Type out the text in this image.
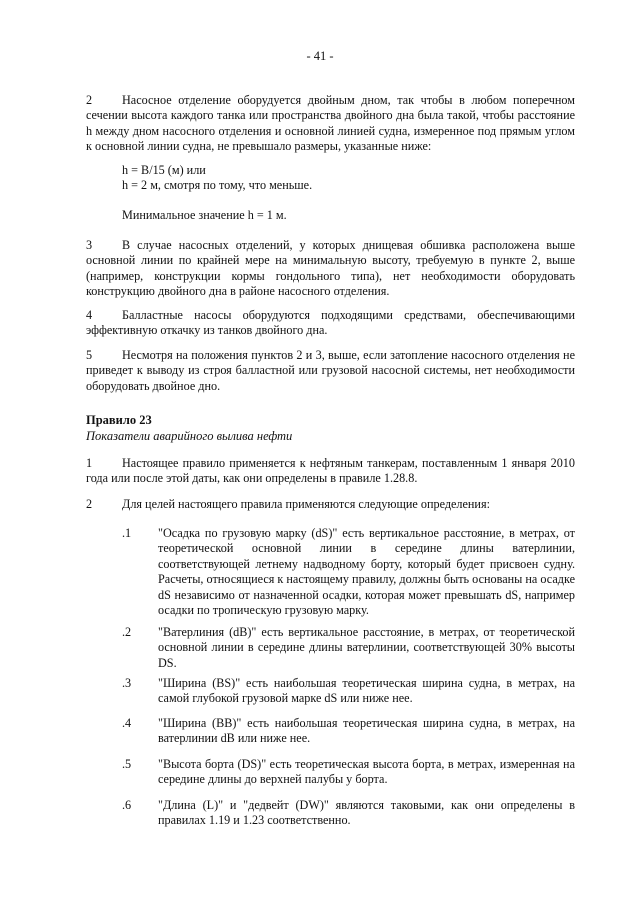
- 41 -
2	Насосное отделение оборудуется двойным дном, так чтобы в любом поперечном сечении высота каждого танка или пространства двойного дна была такой, чтобы расстояние h между дном насосного отделения и основной линией судна, измеренное под прямым углом к основной линии судна, не превышало размеры, указанные ниже:
h = B/15 (м) или
h = 2 м, смотря по тому, что меньше.
Минимальное значение h = 1 м.
3	В случае насосных отделений, у которых днищевая обшивка расположена выше основной линии по крайней мере на минимальную высоту, требуемую в пункте 2, выше (например, конструкции кормы гондольного типа), нет необходимости оборудовать конструкцию двойного дна в районе насосного отделения.
4	Балластные насосы оборудуются подходящими средствами, обеспечивающими эффективную откачку из танков двойного дна.
5	Несмотря на положения пунктов 2 и 3, выше, если затопление насосного отделения не приведет к выводу из строя балластной или грузовой насосной системы, нет необходимости оборудовать двойное дно.
Правило 23
Показатели аварийного вылива нефти
1	Настоящее правило применяется к нефтяным танкерам, поставленным 1 января 2010 года или после этой даты, как они определены в правиле 1.28.8.
2 Для целей настоящего правила применяются следующие определения:
.1 "Осадка по грузовую марку (dS)" есть вертикальное расстояние, в метрах, от теоретической основной линии в середине длины ватерлинии, соответствующей летнему надводному борту, который будет присвоен судну. Расчеты, относящиеся к настоящему правилу, должны быть основаны на осадке dS независимо от назначенной осадки, которая может превышать dS, например осадки по тропическую грузовую марку.
.2 "Ватерлиния (dB)" есть вертикальное расстояние, в метрах, от теоретической основной линии в середине длины ватерлинии, соответствующей 30% высоты DS.
.3 "Ширина (BS)" есть наибольшая теоретическая ширина судна, в метрах, на самой глубокой грузовой марке dS или ниже нее.
.4 "Ширина (BB)" есть наибольшая теоретическая ширина судна, в метрах, на ватерлинии dB или ниже нее.
.5 "Высота борта (DS)" есть теоретическая высота борта, в метрах, измеренная на середине длины до верхней палубы у борта.
.6 "Длина (L)" и "дедвейт (DW)" являются таковыми, как они определены в правилах 1.19 и 1.23 соответственно.
